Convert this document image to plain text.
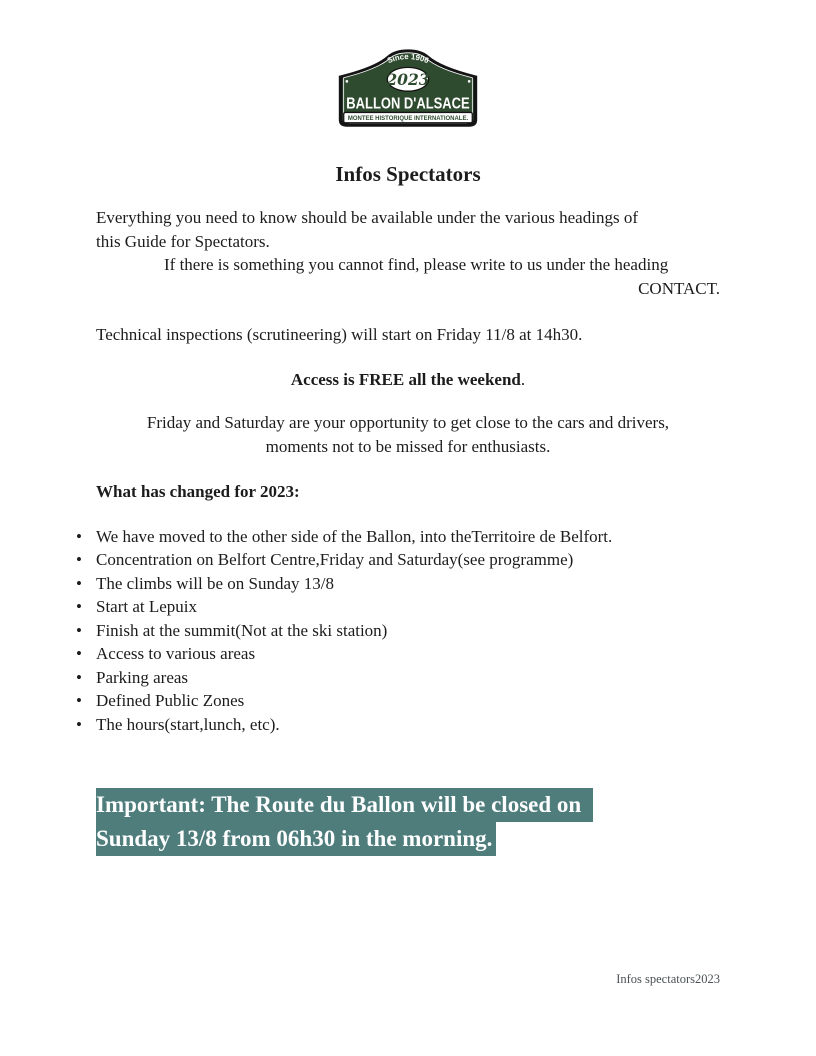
Since 1906
2023
BALLON D'ALSACE
MONTEE HISTORIQUE INTERNATIONALE.
Infos Spectators
Everything you need to know should be available under the various headings of
this Guide for Spectators.
If there is something you cannot find, please write to us under the heading
CONTACT.
Technical inspections (scrutineering) will start on Friday 11/8 at 14h30.
Access is FREE all the weekend.
Friday and Saturday are your opportunity to get close to the cars and drivers,
moments not to be missed for enthusiasts.
What has changed for 2023:
• We have moved to the other side of the Ballon, into theTerritoire de Belfort.
• Concentration on Belfort Centre,Friday and Saturday(see programme)
• The climbs will be on Sunday 13/8
• Start at Lepuix
• Finish at the summit(Not at the ski station)
• Access to various areas
• Parking areas
• Defined Public Zones
• The hours(start,lunch, etc).
Important: The Route du Ballon will be closed on
Sunday 13/8 from 06h30 in the morning.
Infos spectators2023
